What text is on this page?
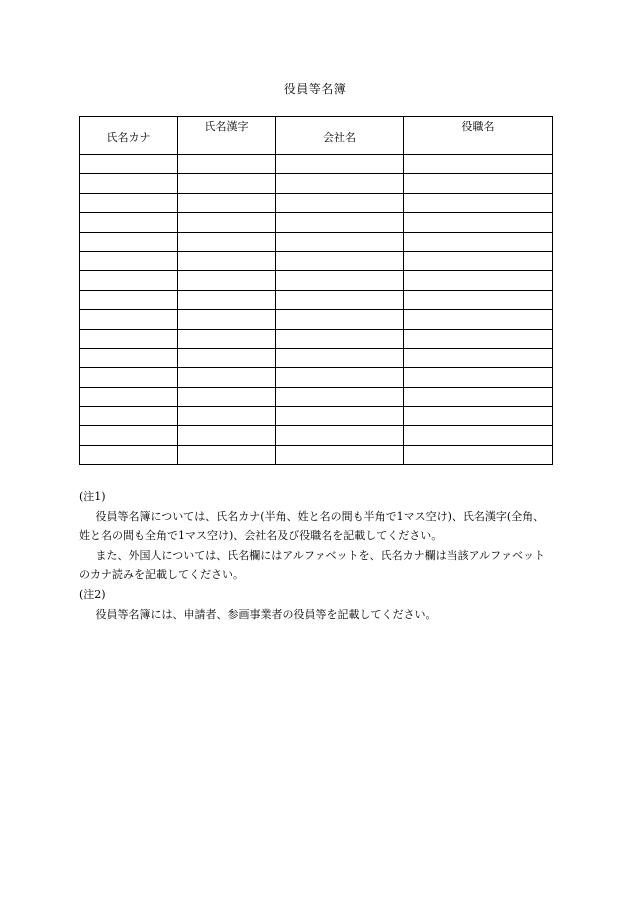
役員等名簿
氏名カナ	氏名漢字	会社名	役職名

(注1)

役員等名簿については、氏名カナ(半角、姓と名の間も半角で1マス空け)、氏名漢字(全角、姓と名の間も全角で1マス空け)、会社名及び役職名を記載してください。

また、外国人については、氏名欄にはアルファベットを、氏名カナ欄は当該アルファベットのカナ読みを記載してください。

(注2)

役員等名簿には、申請者、参画事業者の役員等を記載してください。
